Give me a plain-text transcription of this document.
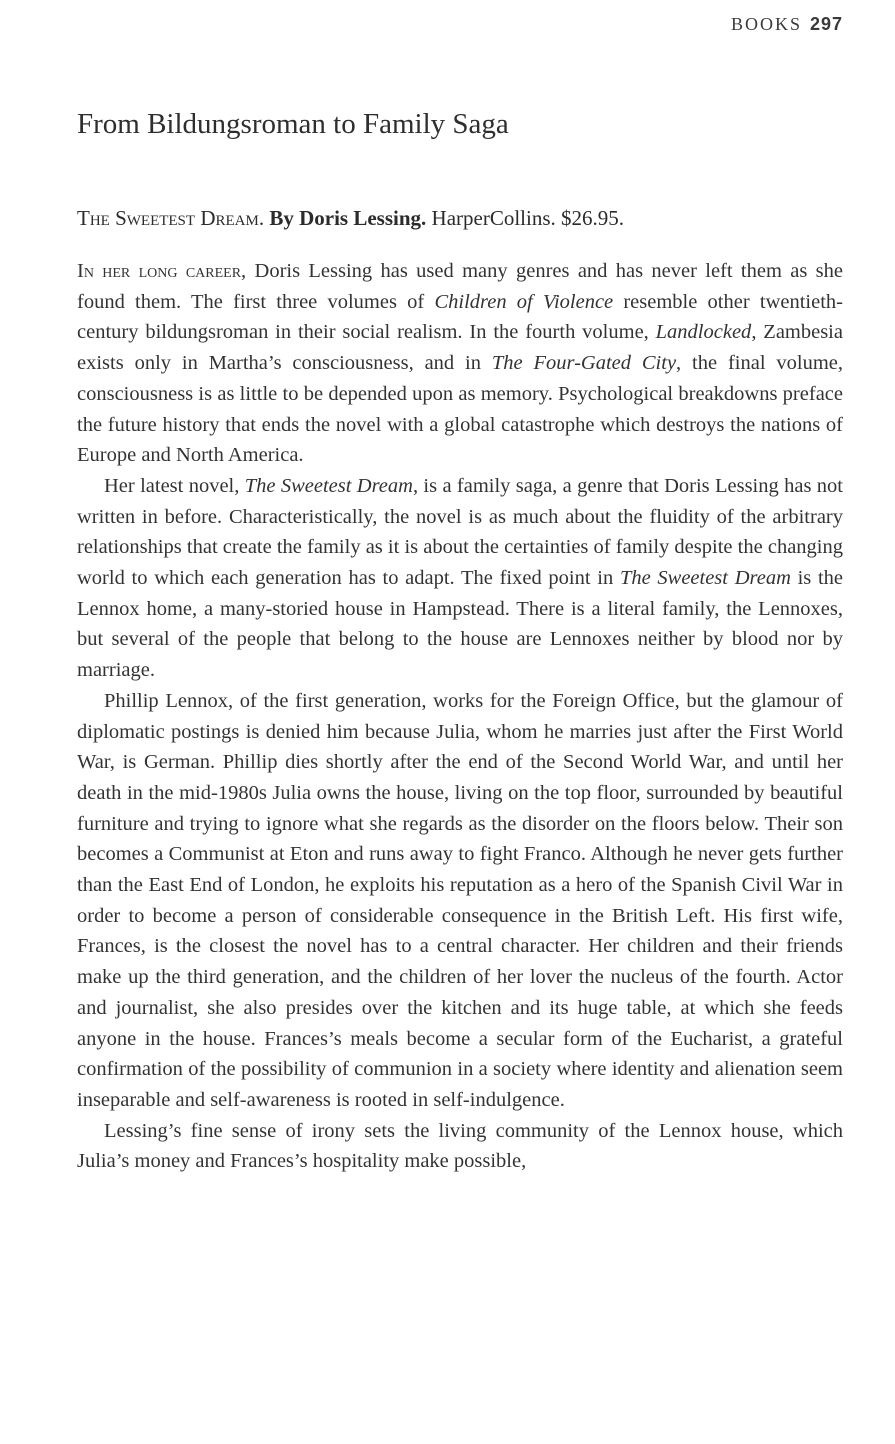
BOOKS 297
From Bildungsroman to Family Saga
The Sweetest Dream. By Doris Lessing. HarperCollins. $26.95.

In her long career, Doris Lessing has used many genres and has never left them as she found them. The first three volumes of Children of Violence resemble other twentieth-century bildungsroman in their social realism. In the fourth volume, Landlocked, Zambesia exists only in Martha’s consciousness, and in The Four-Gated City, the final volume, consciousness is as little to be depended upon as memory. Psychological breakdowns preface the future history that ends the novel with a global catastrophe which destroys the nations of Europe and North America.

Her latest novel, The Sweetest Dream, is a family saga, a genre that Doris Lessing has not written in before. Characteristically, the novel is as much about the fluidity of the arbitrary relationships that create the family as it is about the certainties of family despite the changing world to which each generation has to adapt. The fixed point in The Sweetest Dream is the Lennox home, a many-storied house in Hampstead. There is a literal family, the Lennoxes, but several of the people that belong to the house are Lennoxes neither by blood nor by marriage.

Phillip Lennox, of the first generation, works for the Foreign Office, but the glamour of diplomatic postings is denied him because Julia, whom he marries just after the First World War, is German. Phillip dies shortly after the end of the Second World War, and until her death in the mid-1980s Julia owns the house, living on the top floor, surrounded by beautiful furniture and trying to ignore what she regards as the disorder on the floors below. Their son becomes a Communist at Eton and runs away to fight Franco. Although he never gets further than the East End of London, he exploits his reputation as a hero of the Spanish Civil War in order to become a person of considerable consequence in the British Left. His first wife, Frances, is the closest the novel has to a central character. Her children and their friends make up the third generation, and the children of her lover the nucleus of the fourth. Actor and journalist, she also presides over the kitchen and its huge table, at which she feeds anyone in the house. Frances’s meals become a secular form of the Eucharist, a grateful confirmation of the possibility of communion in a society where identity and alienation seem inseparable and self-awareness is rooted in self-indulgence.

Lessing’s fine sense of irony sets the living community of the Lennox house, which Julia’s money and Frances’s hospitality make possible,
